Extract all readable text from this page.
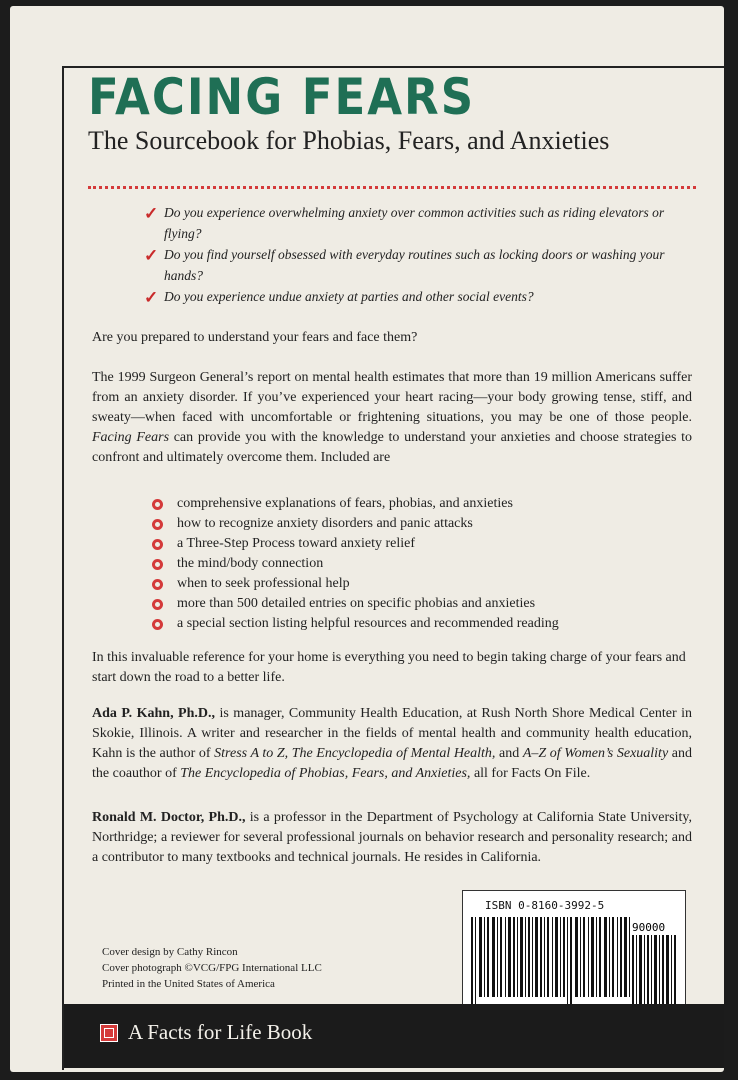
FACING FEARS
The Sourcebook for Phobias, Fears, and Anxieties
✓ Do you experience overwhelming anxiety over common activities such as riding elevators or flying?
✓ Do you find yourself obsessed with everyday routines such as locking doors or washing your hands?
✓ Do you experience undue anxiety at parties and other social events?
Are you prepared to understand your fears and face them?
The 1999 Surgeon General’s report on mental health estimates that more than 19 million Americans suffer from an anxiety disorder. If you’ve experienced your heart racing—your body growing tense, stiff, and sweaty—when faced with uncomfortable or frightening situations, you may be one of those people. Facing Fears can provide you with the knowledge to understand your anxieties and choose strategies to confront and ultimately overcome them. Included are
comprehensive explanations of fears, phobias, and anxieties
how to recognize anxiety disorders and panic attacks
a Three-Step Process toward anxiety relief
the mind/body connection
when to seek professional help
more than 500 detailed entries on specific phobias and anxieties
a special section listing helpful resources and recommended reading
In this invaluable reference for your home is everything you need to begin taking charge of your fears and start down the road to a better life.
Ada P. Kahn, Ph.D., is manager, Community Health Education, at Rush North Shore Medical Center in Skokie, Illinois. A writer and researcher in the fields of mental health and community health education, Kahn is the author of Stress A to Z, The Encyclopedia of Mental Health, and A–Z of Women’s Sexuality and the coauthor of The Encyclopedia of Phobias, Fears, and Anxieties, all for Facts On File.
Ronald M. Doctor, Ph.D., is a professor in the Department of Psychology at California State University, Northridge; a reviewer for several professional journals on behavior research and personality research; and a contributor to many textbooks and technical journals. He resides in California.
Cover design by Cathy Rincon
Cover photograph ©VCG/FPG International LLC
Printed in the United States of America
ISBN 0-8160-3992-5
90000
A Facts for Life Book
